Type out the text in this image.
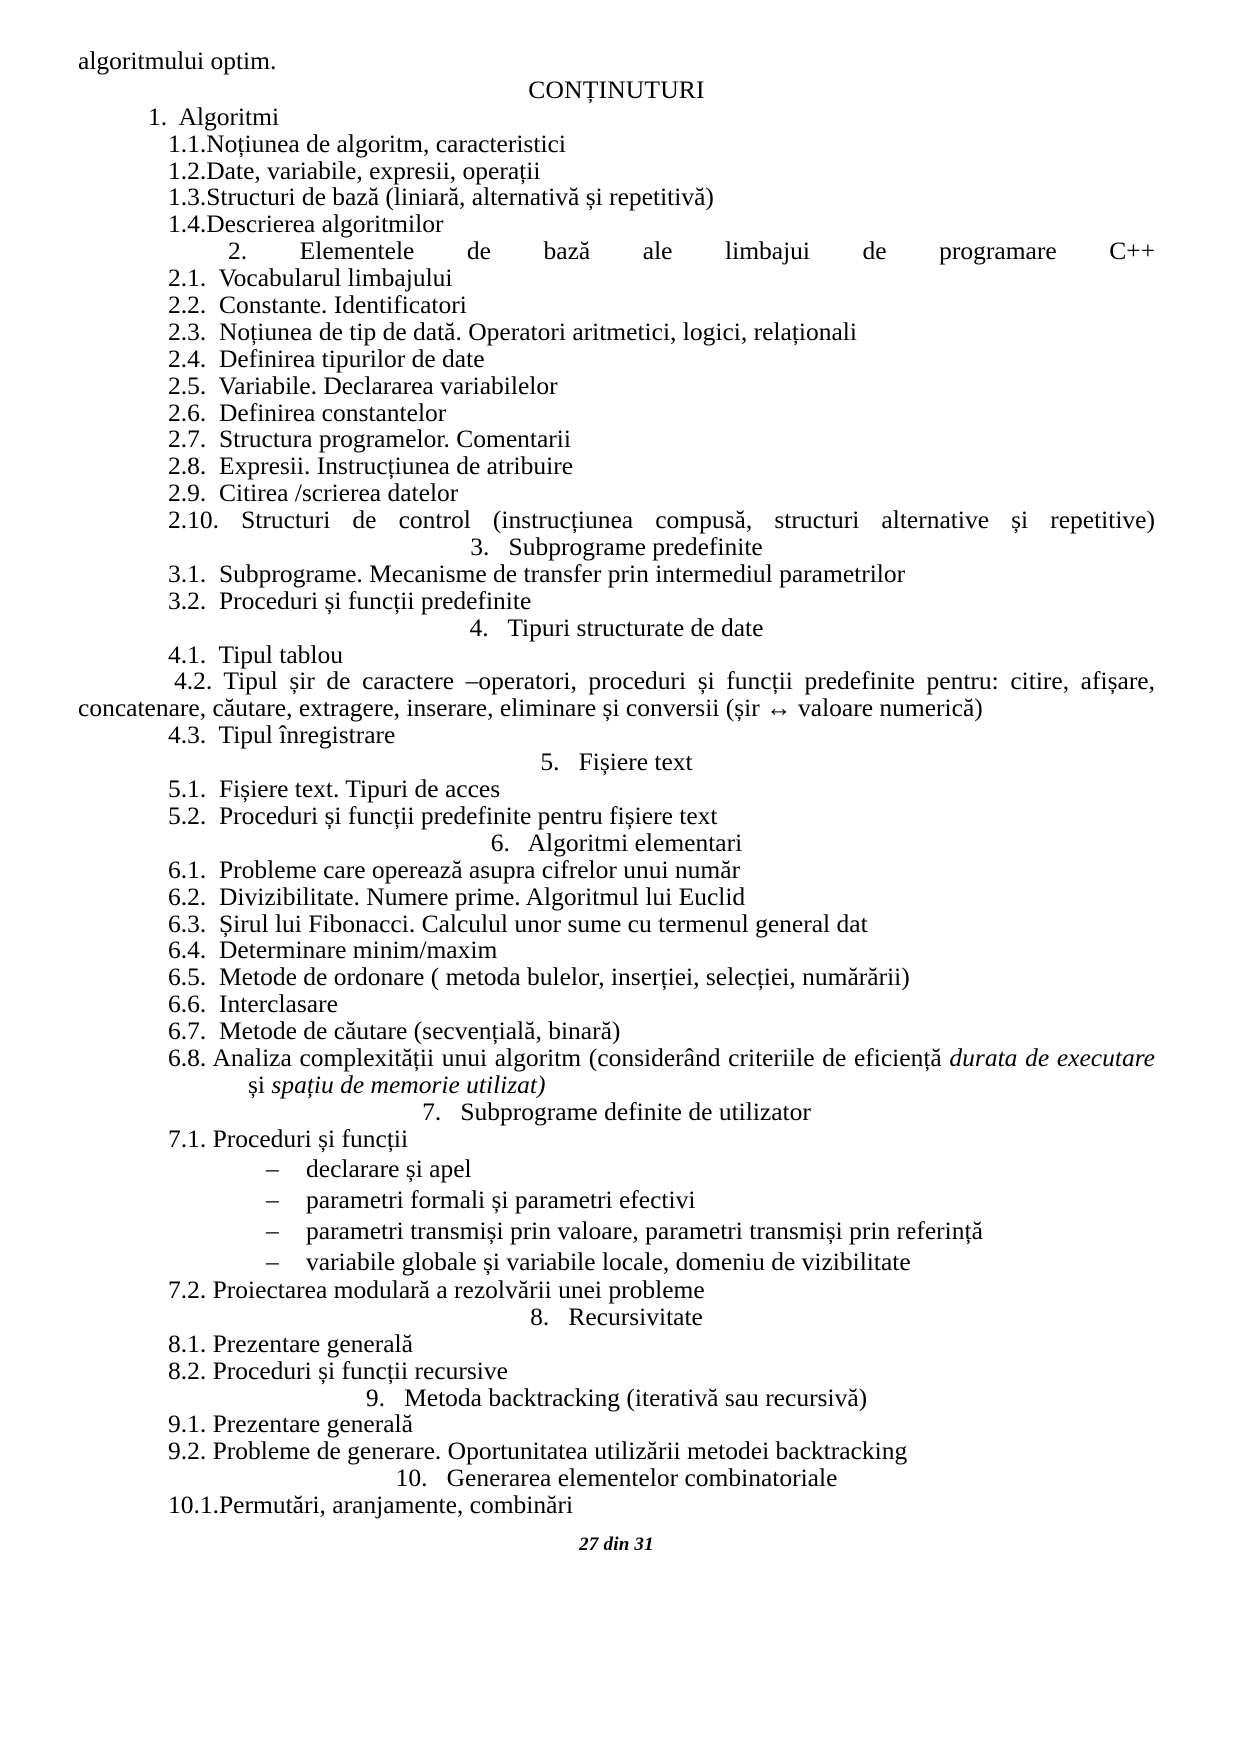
algoritmului optim.

CONȚINUTURI

1.  Algoritmi

1.1.Noțiunea de algoritm, caracteristici

1.2.Date, variabile, expresii, operații

1.3.Structuri de bază (liniară, alternativă și repetitivă)

1.4.Descrierea algoritmilor

2. Elementele de bază ale limbajui de programare C++

2.1.  Vocabularul limbajului

2.2.  Constante. Identificatori

2.3.  Noțiunea de tip de dată. Operatori aritmetici, logici, relaționali

2.4.  Definirea tipurilor de date

2.5.  Variabile. Declararea variabilelor

2.6.  Definirea constantelor

2.7.  Structura programelor. Comentarii

2.8.  Expresii. Instrucțiunea de atribuire

2.9.  Citirea /scrierea datelor

2.10. Structuri de control (instrucțiunea compusă, structuri alternative și repetitive)

3.   Subprograme predefinite

3.1.  Subprograme. Mecanisme de transfer prin intermediul parametrilor

3.2.  Proceduri și funcții predefinite

4.   Tipuri structurate de date

4.1.  Tipul tablou

4.2. Tipul șir de caractere –operatori, proceduri și funcții predefinite pentru: citire, afișare, concatenare, căutare, extragere, inserare, eliminare și conversii (șir ↔ valoare numerică)

4.3.  Tipul înregistrare

5.   Fișiere text

5.1.  Fișiere text. Tipuri de acces

5.2.  Proceduri și funcții predefinite pentru fișiere text

6.   Algoritmi elementari

6.1.  Probleme care operează asupra cifrelor unui număr

6.2.  Divizibilitate. Numere prime. Algoritmul lui Euclid

6.3.  Șirul lui Fibonacci. Calculul unor sume cu termenul general dat

6.4.  Determinare minim/maxim

6.5.  Metode de ordonare ( metoda bulelor, inserției, selecției, numărării)

6.6.  Interclasare

6.7.  Metode de căutare (secvențială, binară)

6.8. Analiza complexității unui algoritm (considerând criteriile de eficiență durata de executare și spațiu de memorie utilizat)

7.   Subprograme definite de utilizator

7.1. Proceduri și funcții

– declarare și apel

– parametri formali și parametri efectivi

– parametri transmiși prin valoare, parametri transmiși prin referință

– variabile globale și variabile locale, domeniu de vizibilitate

7.2. Proiectarea modulară a rezolvării unei probleme

8.   Recursivitate

8.1. Prezentare generală

8.2. Proceduri și funcții recursive

9.   Metoda backtracking (iterativă sau recursivă)

9.1. Prezentare generală

9.2. Probleme de generare. Oportunitatea utilizării metodei backtracking

10.   Generarea elementelor combinatoriale

10.1.Permutări, aranjamente, combinări

27 din 31
